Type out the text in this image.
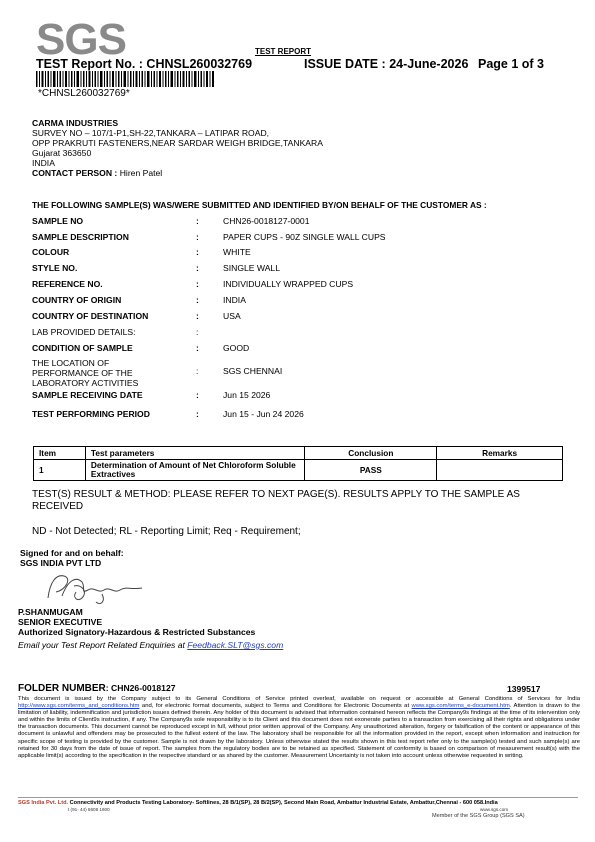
SGS	TEST REPORT
TEST Report No. : CHNSL260032769	ISSUE DATE : 24-June-2026 Page 1 of 3
*CHNSL260032769*
CARMA INDUSTRIES
SURVEY NO – 107/1-P1,SH-22,TANKARA – LATIPAR ROAD,
OPP PRAKRUTI FASTENERS,NEAR SARDAR WEIGH BRIDGE,TANKARA
Gujarat 363650
INDIA
CONTACT PERSON : Hiren Patel
THE FOLLOWING SAMPLE(S) WAS/WERE SUBMITTED AND IDENTIFIED BY/ON BEHALF OF THE CUSTOMER AS :
SAMPLE NO	:	CHN26-0018127-0001
SAMPLE DESCRIPTION	:	PAPER CUPS - 90Z SINGLE WALL CUPS
COLOUR	:	WHITE
STYLE NO.	:	SINGLE WALL
REFERENCE NO.	:	INDIVIDUALLY WRAPPED CUPS
COUNTRY OF ORIGIN	:	INDIA
COUNTRY OF DESTINATION	:	USA
LAB PROVIDED DETAILS:	:
CONDITION OF SAMPLE	:	GOOD
THE LOCATION OF PERFORMANCE OF THE LABORATORY ACTIVITIES
:	SGS CHENNAI
SAMPLE RECEIVING DATE	:	Jun 15 2026
TEST PERFORMING PERIOD	:	Jun 15 - Jun 24 2026
Item	Test parameters	Conclusion	Remarks
1	Determination of Amount of Net Chloroform Soluble Extractives	PASS	
TEST(S) RESULT & METHOD: PLEASE REFER TO NEXT PAGE(S). RESULTS APPLY TO THE SAMPLE AS RECEIVED
ND - Not Detected; RL - Reporting Limit; Req - Requirement;
Signed for and on behalf:
SGS INDIA PVT LTD
P.SHANMUGAM
SENIOR EXECUTIVE
Authorized Signatory-Hazardous & Restricted Substances
Email your Test Report Related Enquiries at Feedback.SLT@sgs.com
FOLDER NUMBER: CHN26-0018127	1399517
This document is issued by the Company subject to its General Conditions of Service printed overleaf, available on request or accessible at General Conditions of Services for India http://www.sgs.com/terms_and_conditions.htm and, for electronic format documents, subject to Terms and Conditions for Electronic Documents at www.sgs.com/terms_e-document.htm. Attention is drawn to the limitation of liability, indemnification and jurisdiction issues defined therein. Any holder of this document is advised that information contained hereon reflects the Company9s findings at the time of its intervention only and within the limits of Client9s instruction, if any. The Company9s sole responsibility is to its Client and this document does not exonerate parties to a transaction from exercising all their rights and obligations under the transaction documents. This document cannot be reproduced except in full, without prior written approval of the Company. Any unauthorized alteration, forgery or falsification of the content or appearance of this document is unlawful and offenders may be prosecuted to the fullest extent of the law. The laboratory shall be responsible for all the information provided in the report, except when information and instruction for specific scope of testing is provided by the customer. Sample is not drawn by the laboratory. Unless otherwise stated the results shown in this test report refer only to the sample(s) tested and such sample(s) are retained for 30 days from the date of issue of report. The samples from the regulatory bodies are to be retained as specified. Statement of conformity is based on comparison of measurement result(s) with the applicable limit(s) according to the specification in the respective standard or as shared by the customer. Measurement Uncertainty is not taken into account unless otherwise requested in writing.
SGS India Pvt. Ltd. Connectivity and Products Testing Laboratory- Softlines, 28 B/1(SP), 28 B/2(SP), Second Main Road, Ambattur Industrial Estate, Ambattur,Chennai - 600 058.India
t (91- 44) 6608 1600	www.sgs.com
Member of the SGS Group (SGS SA)
